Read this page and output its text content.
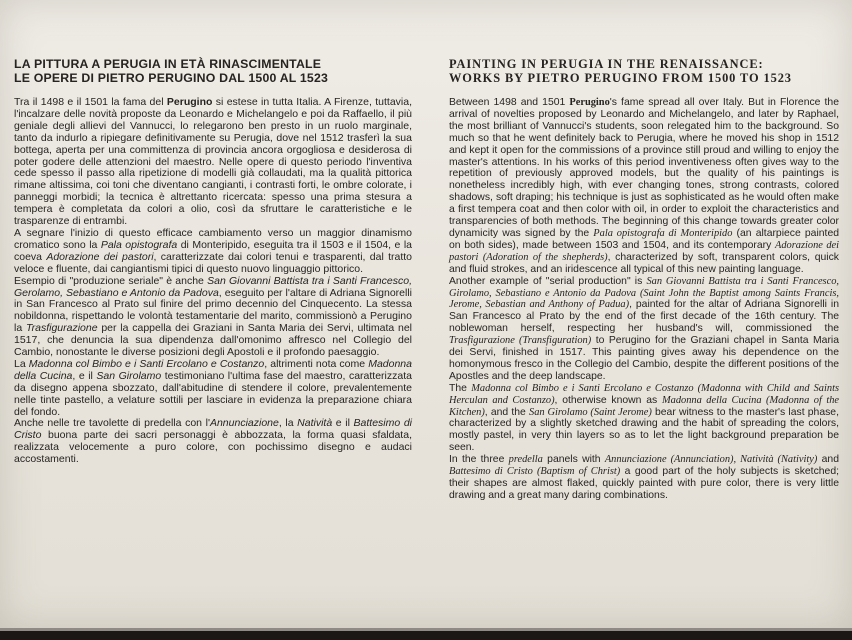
LA PITTURA A PERUGIA IN ETÀ RINASCIMENTALE
LE OPERE DI PIETRO PERUGINO DAL 1500 AL 1523

Tra il 1498 e il 1501 la fama del Perugino si estese in tutta Italia. A Firenze, tuttavia, l'incalzare delle novità proposte da Leonardo e Michelangelo e poi da Raffaello, il più geniale degli allievi del Vannucci, lo relegarono ben presto in un ruolo marginale, tanto da indurlo a ripiegare definitivamente su Perugia, dove nel 1512 trasferì la sua bottega, aperta per una committenza di provincia ancora orgogliosa e desiderosa di poter godere delle attenzioni del maestro. Nelle opere di questo periodo l'inventiva cede spesso il passo alla ripetizione di modelli già collaudati, ma la qualità pittorica rimane altissima, coi toni che diventano cangianti, i contrasti forti, le ombre colorate, i panneggi morbidi; la tecnica è altrettanto ricercata: spesso una prima stesura a tempera è completata da colori a olio, così da sfruttare le caratteristiche e le trasparenze di entrambi.

A segnare l'inizio di questo efficace cambiamento verso un maggior dinamismo cromatico sono la Pala opistografa di Monteripido, eseguita tra il 1503 e il 1504, e la coeva Adorazione dei pastori, caratterizzate dai colori tenui e trasparenti, dal tratto veloce e fluente, dai cangiantismi tipici di questo nuovo linguaggio pittorico.

Esempio di "produzione seriale" è anche San Giovanni Battista tra i Santi Francesco, Gerolamo, Sebastiano e Antonio da Padova, eseguito per l'altare di Adriana Signorelli in San Francesco al Prato sul finire del primo decennio del Cinquecento. La stessa nobildonna, rispettando le volontà testamentarie del marito, commissionò a Perugino la Trasfigurazione per la cappella dei Graziani in Santa Maria dei Servi, ultimata nel 1517, che denuncia la sua dipendenza dall'omonimo affresco nel Collegio del Cambio, nonostante le diverse posizioni degli Apostoli e il profondo paesaggio.

La Madonna col Bimbo e i Santi Ercolano e Costanzo, altrimenti nota come Madonna della Cucina, e il San Girolamo testimoniano l'ultima fase del maestro, caratterizzata da disegno appena sbozzato, dall'abitudine di stendere il colore, prevalentemente nelle tinte pastello, a velature sottili per lasciare in evidenza la preparazione chiara del fondo.

Anche nelle tre tavolette di predella con l'Annunciazione, la Natività e il Battesimo di Cristo buona parte dei sacri personaggi è abbozzata, la forma quasi sfaldata, realizzata velocemente a puro colore, con pochissimo disegno e audaci accostamenti.

PAINTING IN PERUGIA IN THE RENAISSANCE:
WORKS BY PIETRO PERUGINO FROM 1500 TO 1523

Between 1498 and 1501 Perugino's fame spread all over Italy. But in Florence the arrival of novelties proposed by Leonardo and Michelangelo, and later by Raphael, the most brilliant of Vannucci's students, soon relegated him to the background. So much so that he went definitely back to Perugia, where he moved his shop in 1512 and kept it open for the commissions of a province still proud and willing to enjoy the master's attentions. In his works of this period inventiveness often gives way to the repetition of previously approved models, but the quality of his paintings is nonetheless incredibly high, with ever changing tones, strong contrasts, colored shadows, soft draping; his technique is just as sophisticated as he would often make a first tempera coat and then color with oil, in order to exploit the characteristics and transparencies of both methods. The beginning of this change towards greater color dynamicity was signed by the Pala opistografa di Monteripido (an altarpiece painted on both sides), made between 1503 and 1504, and its contemporary Adorazione dei pastori (Adoration of the shepherds), characterized by soft, transparent colors, quick and fluid strokes, and an iridescence all typical of this new painting language.

Another example of "serial production" is San Giovanni Battista tra i Santi Francesco, Girolamo, Sebastiano e Antonio da Padova (Saint John the Baptist among Saints Francis, Jerome, Sebastian and Anthony of Padua), painted for the altar of Adriana Signorelli in San Francesco al Prato by the end of the first decade of the 16th century. The noblewoman herself, respecting her husband's will, commissioned the Trasfigurazione (Transfiguration) to Perugino for the Graziani chapel in Santa Maria dei Servi, finished in 1517. This painting gives away his dependence on the homonymous fresco in the Collegio del Cambio, despite the different positions of the Apostles and the deep landscape.

The Madonna col Bimbo e i Santi Ercolano e Costanzo (Madonna with Child and Saints Herculan and Costanzo), otherwise known as Madonna della Cucina (Madonna of the Kitchen), and the San Girolamo (Saint Jerome) bear witness to the master's last phase, characterized by a slightly sketched drawing and the habit of spreading the colors, mostly pastel, in very thin layers so as to let the light background preparation be seen.

In the three predella panels with Annunciazione (Annunciation), Natività (Nativity) and Battesimo di Cristo (Baptism of Christ) a good part of the holy subjects is sketched; their shapes are almost flaked, quickly painted with pure color, there is very little drawing and a great many daring combinations.
